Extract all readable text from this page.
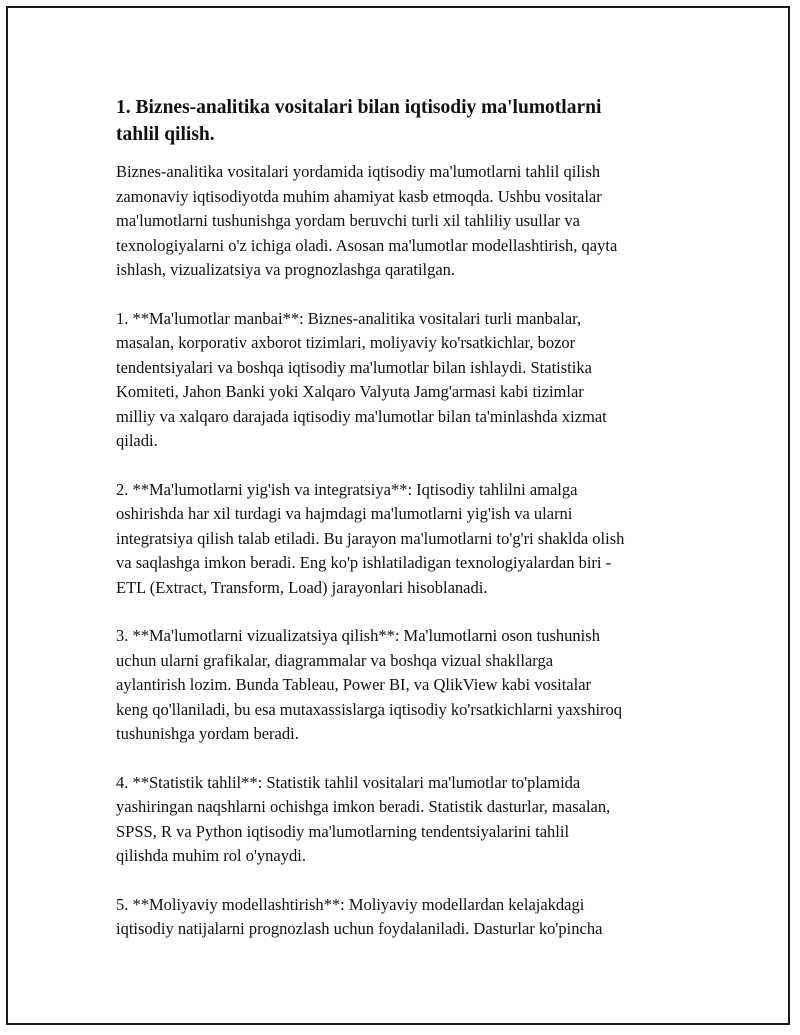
1. Biznes-analitika vositalari bilan iqtisodiy ma'lumotlarni
tahlil qilish.

Biznes-analitika vositalari yordamida iqtisodiy ma'lumotlarni tahlil qilish
zamonaviy iqtisodiyotda muhim ahamiyat kasb etmoqda. Ushbu vositalar
ma'lumotlarni tushunishga yordam beruvchi turli xil tahliliy usullar va
texnologiyalarni o'z ichiga oladi. Asosan ma'lumotlar modellashtirish, qayta
ishlash, vizualizatsiya va prognozlashga qaratilgan.

1. **Ma'lumotlar manbai**: Biznes-analitika vositalari turli manbalar,
masalan, korporativ axborot tizimlari, moliyaviy ko'rsatkichlar, bozor
tendentsiyalari va boshqa iqtisodiy ma'lumotlar bilan ishlaydi. Statistika
Komiteti, Jahon Banki yoki Xalqaro Valyuta Jamg'armasi kabi tizimlar
milliy va xalqaro darajada iqtisodiy ma'lumotlar bilan ta'minlashda xizmat
qiladi.

2. **Ma'lumotlarni yig'ish va integratsiya**: Iqtisodiy tahlilni amalga
oshirishda har xil turdagi va hajmdagi ma'lumotlarni yig'ish va ularni
integratsiya qilish talab etiladi. Bu jarayon ma'lumotlarni to'g'ri shaklda olish
va saqlashga imkon beradi. Eng ko'p ishlatiladigan texnologiyalardan biri -
ETL (Extract, Transform, Load) jarayonlari hisoblanadi.

3. **Ma'lumotlarni vizualizatsiya qilish**: Ma'lumotlarni oson tushunish
uchun ularni grafikalar, diagrammalar va boshqa vizual shakllarga
aylantirish lozim. Bunda Tableau, Power BI, va QlikView kabi vositalar
keng qo'llaniladi, bu esa mutaxassislarga iqtisodiy ko'rsatkichlarni yaxshiroq
tushunishga yordam beradi.

4. **Statistik tahlil**: Statistik tahlil vositalari ma'lumotlar to'plamida
yashiringan naqshlarni ochishga imkon beradi. Statistik dasturlar, masalan,
SPSS, R va Python iqtisodiy ma'lumotlarning tendentsiyalarini tahlil
qilishda muhim rol o'ynaydi.

5. **Moliyaviy modellashtirish**: Moliyaviy modellardan kelajakdagi
iqtisodiy natijalarni prognozlash uchun foydalaniladi. Dasturlar ko'pincha
